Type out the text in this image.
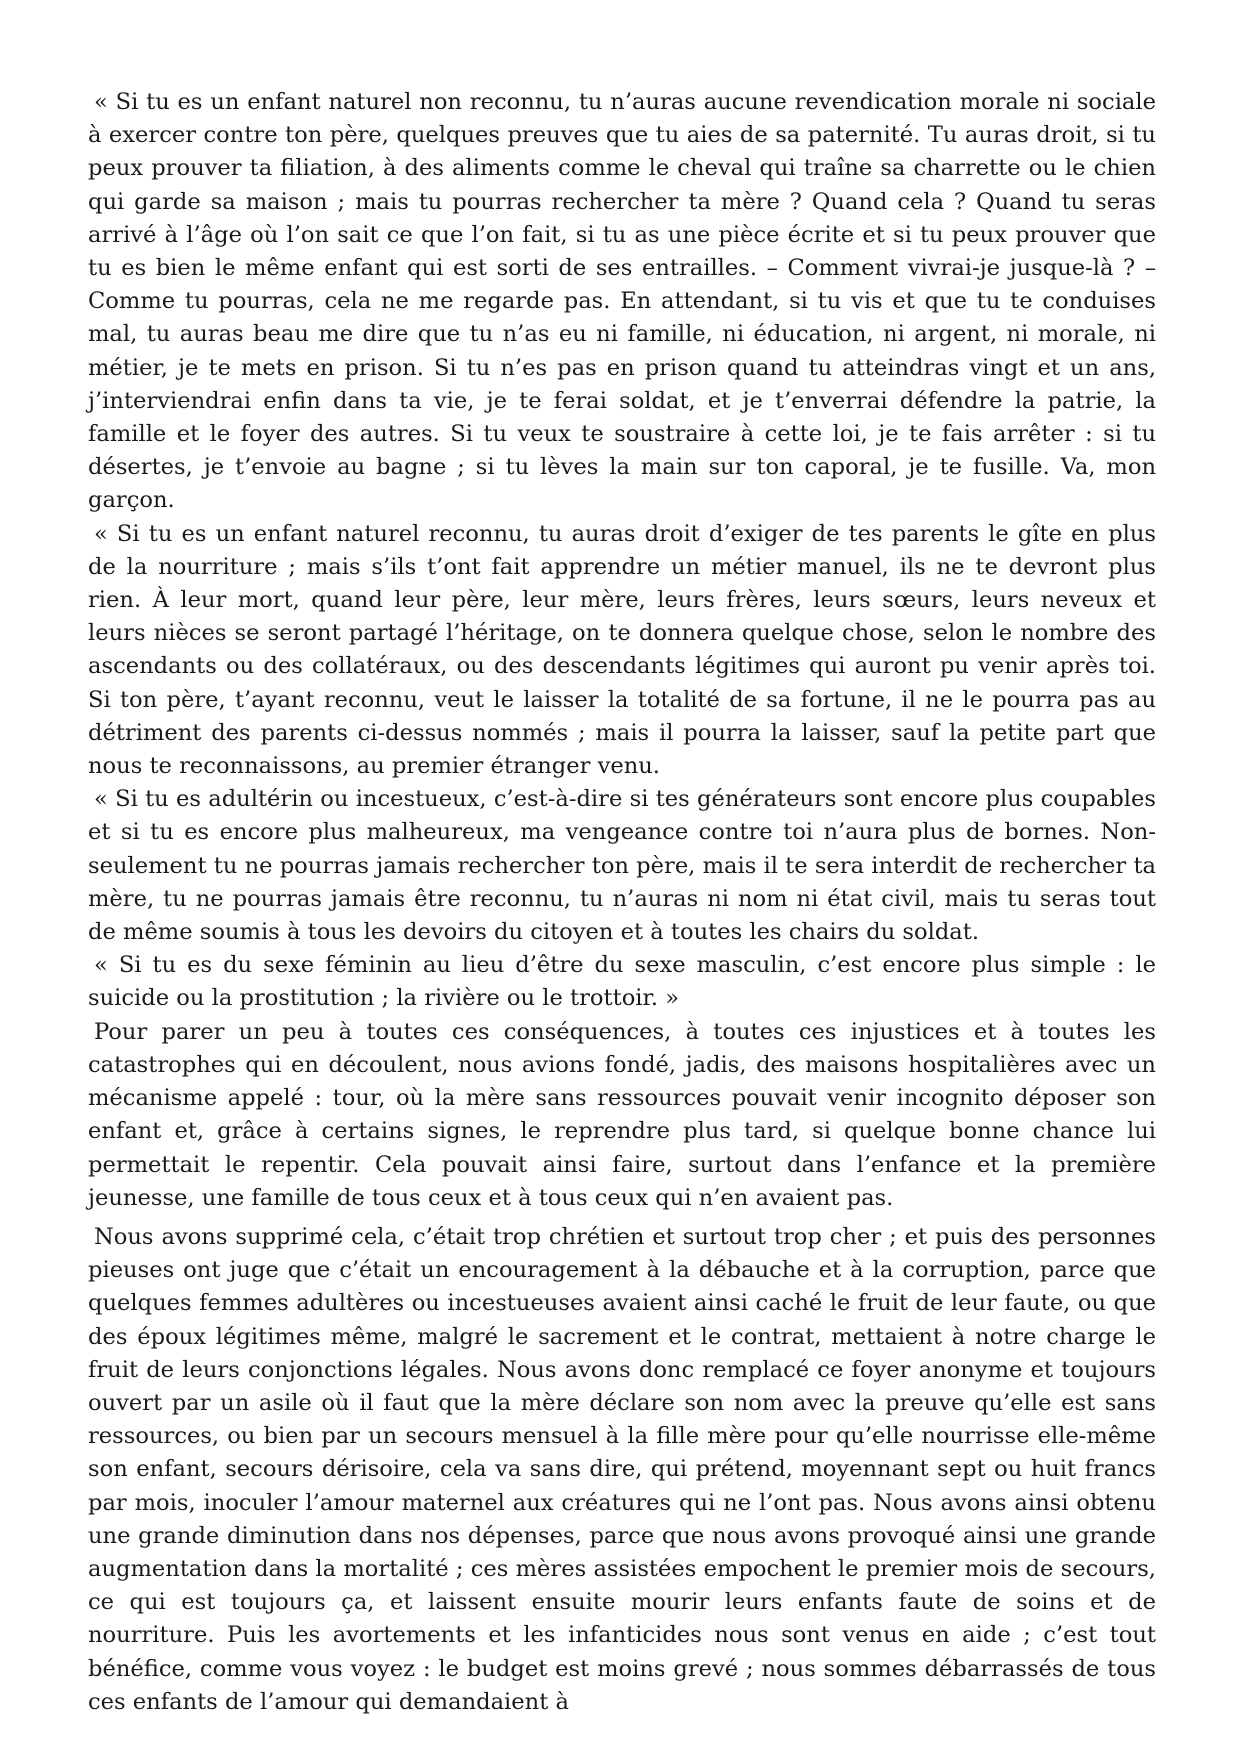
« Si tu es un enfant naturel non reconnu, tu n’auras aucune revendication morale ni sociale à exercer contre ton père, quelques preuves que tu aies de sa paternité. Tu auras droit, si tu peux prouver ta filiation, à des aliments comme le cheval qui traîne sa charrette ou le chien qui garde sa maison ; mais tu pourras rechercher ta mère ? Quand cela ? Quand tu seras arrivé à l’âge où l’on sait ce que l’on fait, si tu as une pièce écrite et si tu peux prouver que tu es bien le même enfant qui est sorti de ses entrailles. – Comment vivrai-je jusque-là ? – Comme tu pourras, cela ne me regarde pas. En attendant, si tu vis et que tu te conduises mal, tu auras beau me dire que tu n’as eu ni famille, ni éducation, ni argent, ni morale, ni métier, je te mets en prison. Si tu n’es pas en prison quand tu atteindras vingt et un ans, j’interviendrai enfin dans ta vie, je te ferai soldat, et je t’enverrai défendre la patrie, la famille et le foyer des autres. Si tu veux te soustraire à cette loi, je te fais arrêter : si tu désertes, je t’envoie au bagne ; si tu lèves la main sur ton caporal, je te fusille. Va, mon garçon.

« Si tu es un enfant naturel reconnu, tu auras droit d’exiger de tes parents le gîte en plus de la nourriture ; mais s’ils t’ont fait apprendre un métier manuel, ils ne te devront plus rien. À leur mort, quand leur père, leur mère, leurs frères, leurs sœurs, leurs neveux et leurs nièces se seront partagé l’héritage, on te donnera quelque chose, selon le nombre des ascendants ou des collatéraux, ou des descendants légitimes qui auront pu venir après toi. Si ton père, t’ayant reconnu, veut le laisser la totalité de sa fortune, il ne le pourra pas au détriment des parents ci-dessus nommés ; mais il pourra la laisser, sauf la petite part que nous te reconnaissons, au premier étranger venu.

« Si tu es adultérin ou incestueux, c’est-à-dire si tes générateurs sont encore plus coupables et si tu es encore plus malheureux, ma vengeance contre toi n’aura plus de bornes. Non-seulement tu ne pourras jamais rechercher ton père, mais il te sera interdit de rechercher ta mère, tu ne pourras jamais être reconnu, tu n’auras ni nom ni état civil, mais tu seras tout de même soumis à tous les devoirs du citoyen et à toutes les chairs du soldat.

« Si tu es du sexe féminin au lieu d’être du sexe masculin, c’est encore plus simple : le suicide ou la prostitution ; la rivière ou le trottoir. »

Pour parer un peu à toutes ces conséquences, à toutes ces injustices et à toutes les catastrophes qui en découlent, nous avions fondé, jadis, des maisons hospitalières avec un mécanisme appelé : tour, où la mère sans ressources pouvait venir incognito déposer son enfant et, grâce à certains signes, le reprendre plus tard, si quelque bonne chance lui permettait le repentir. Cela pouvait ainsi faire, surtout dans l’enfance et la première jeunesse, une famille de tous ceux et à tous ceux qui n’en avaient pas.

Nous avons supprimé cela, c’était trop chrétien et surtout trop cher ; et puis des personnes pieuses ont juge que c’était un encouragement à la débauche et à la corruption, parce que quelques femmes adultères ou incestueuses avaient ainsi caché le fruit de leur faute, ou que des époux légitimes même, malgré le sacrement et le contrat, mettaient à notre charge le fruit de leurs conjonctions légales. Nous avons donc remplacé ce foyer anonyme et toujours ouvert par un asile où il faut que la mère déclare son nom avec la preuve qu’elle est sans ressources, ou bien par un secours mensuel à la fille mère pour qu’elle nourrisse elle-même son enfant, secours dérisoire, cela va sans dire, qui prétend, moyennant sept ou huit francs par mois, inoculer l’amour maternel aux créatures qui ne l’ont pas. Nous avons ainsi obtenu une grande diminution dans nos dépenses, parce que nous avons provoqué ainsi une grande augmentation dans la mortalité ; ces mères assistées empochent le premier mois de secours, ce qui est toujours ça, et laissent ensuite mourir leurs enfants faute de soins et de nourriture. Puis les avortements et les infanticides nous sont venus en aide ; c’est tout bénéfice, comme vous voyez : le budget est moins grevé ; nous sommes débarrassés de tous ces enfants de l’amour qui demandaient à
